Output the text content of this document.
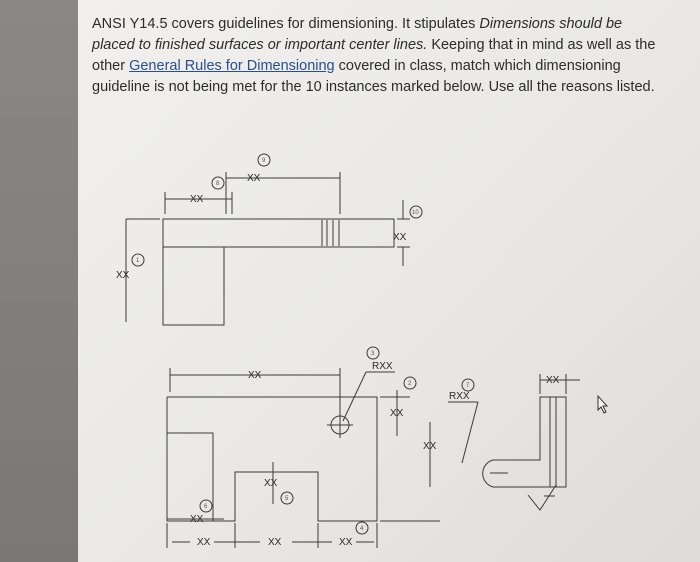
ANSI Y14.5 covers guidelines for dimensioning. It stipulates Dimensions should be placed to finished surfaces or important center lines. Keeping that in mind as well as the other General Rules for Dimensioning covered in class, match which dimensioning guideline is not being met for the 10 instances marked below. Use all the reasons listed.

XX
9
XX
8
XX
1
XX
10
XX
RXX
3
XX
2
XX
XX
5
XX
6
XX	XX	XX
4
RXX
7	XX
